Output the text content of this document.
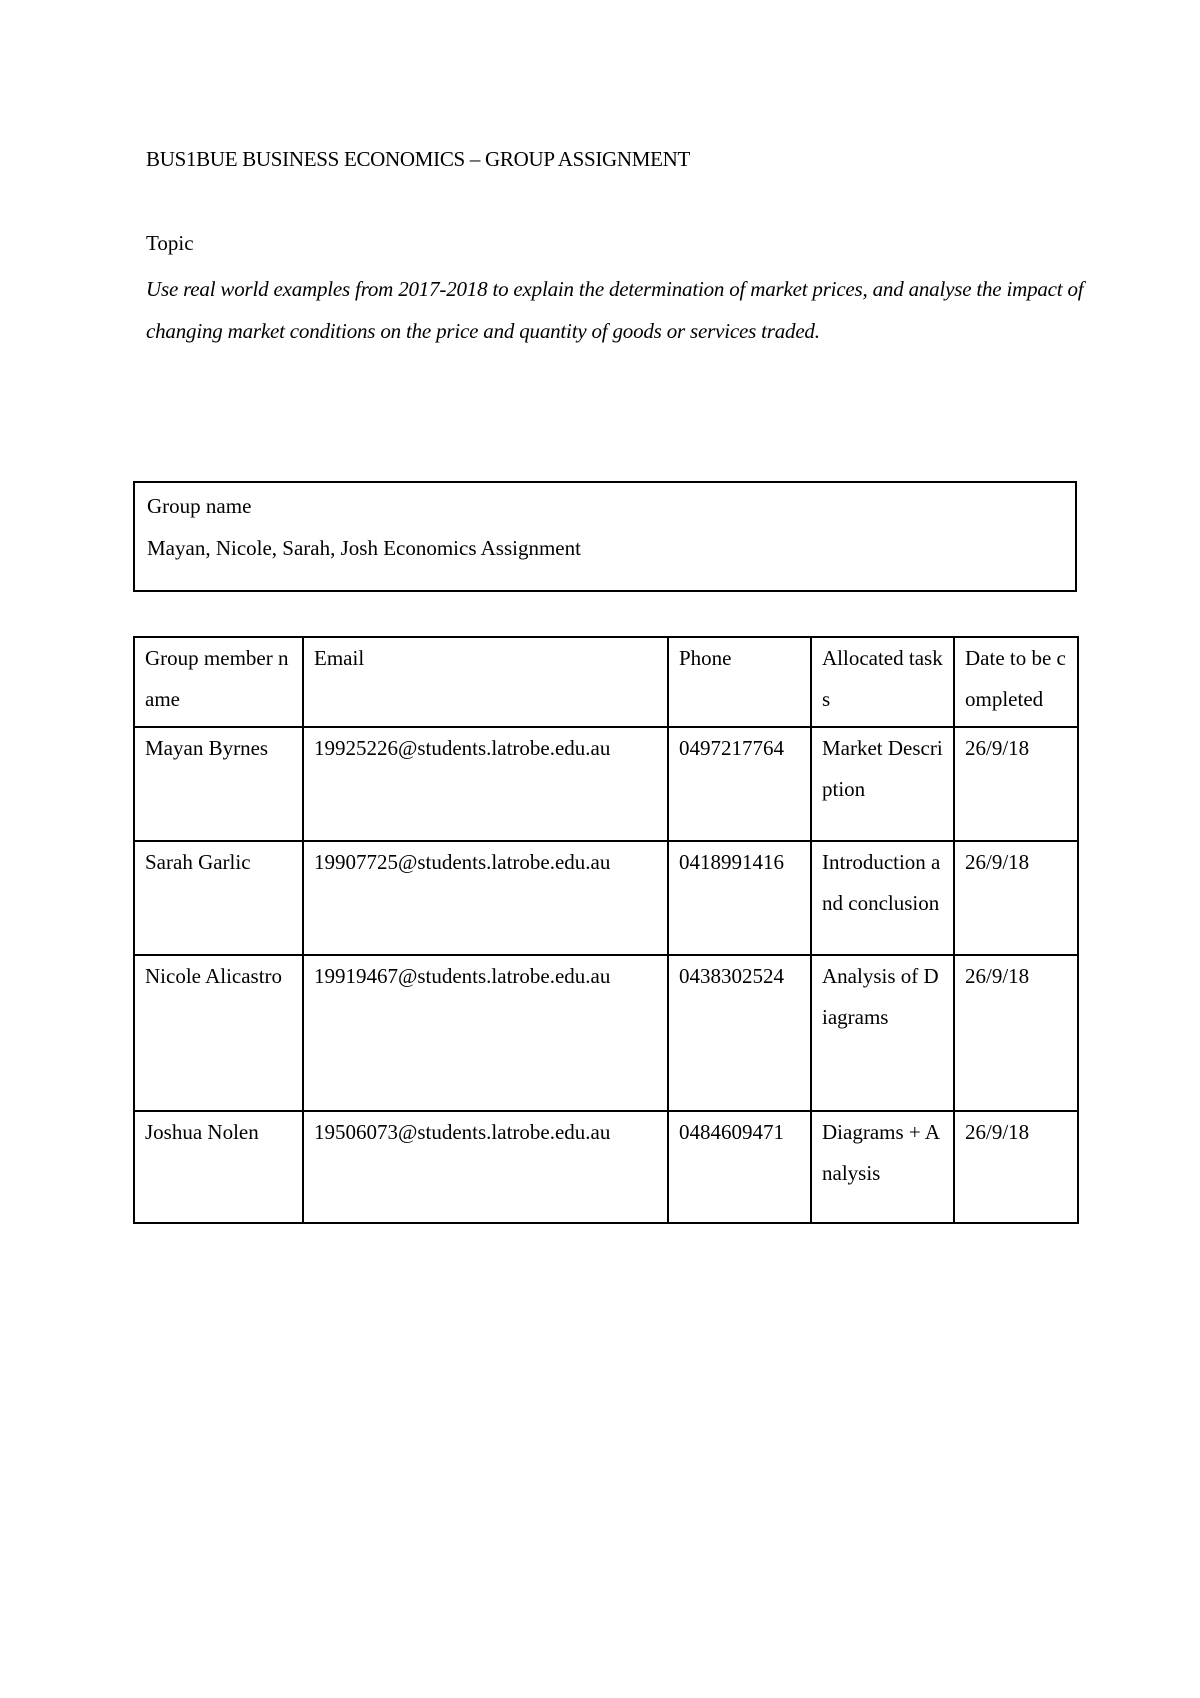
BUS1BUE BUSINESS ECONOMICS – GROUP ASSIGNMENT
Topic
Use real world examples from 2017-2018 to explain the determination of market prices, and analyse the impact of changing market conditions on the price and quantity of goods or services traded.
Group name
Mayan, Nicole, Sarah, Josh Economics Assignment
Group member name	Email	Phone	Allocated tasks	Date to be completed
Mayan Byrnes	19925226@students.latrobe.edu.au	0497217764	Market Description	26/9/18
Sarah Garlic	19907725@students.latrobe.edu.au	0418991416	Introduction and conclusion	26/9/18
Nicole Alicastro	19919467@students.latrobe.edu.au	0438302524	Analysis of Diagrams	26/9/18
Joshua Nolen	19506073@students.latrobe.edu.au	0484609471	Diagrams + Analysis	26/9/18
